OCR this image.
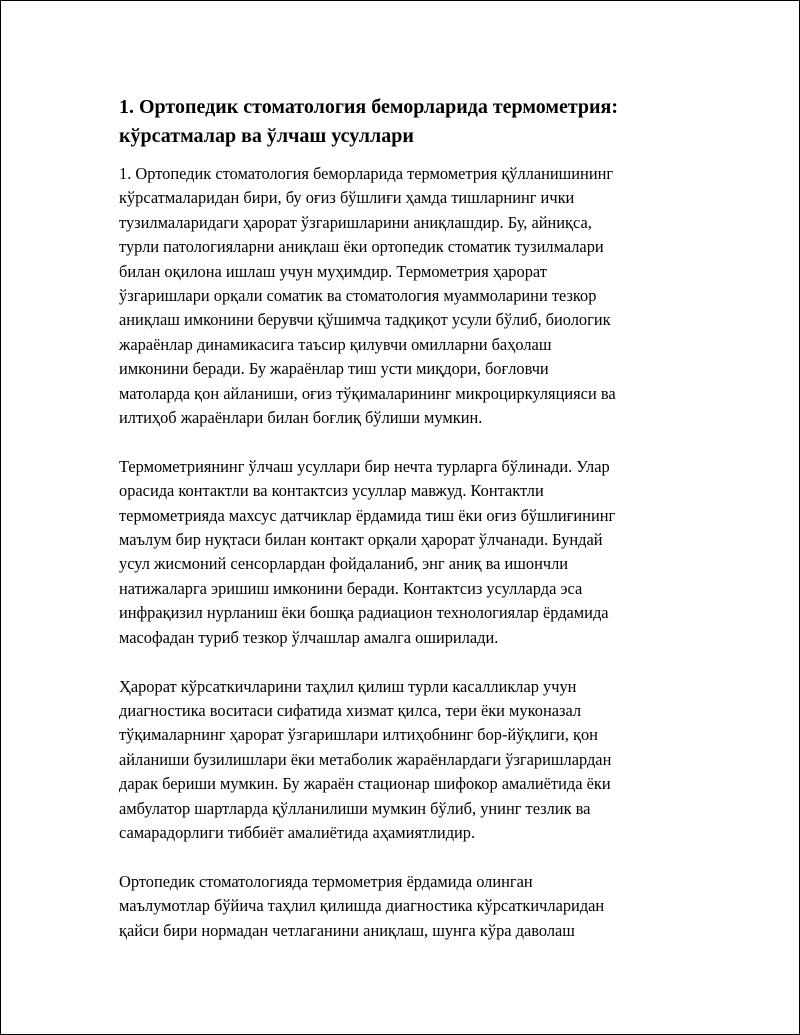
1. Ортопедик стоматология беморларида термометрия:
кўрсатмалар ва ўлчаш усуллари

1. Ортопедик стоматология беморларида термометрия қўлланишининг
кўрсатмаларидан бири, бу оғиз бўшлиғи ҳамда тишларнинг ички
тузилмаларидаги ҳарорат ўзгаришларини аниқлашдир. Бу, айниқса,
турли патологияларни аниқлаш ёки ортопедик стоматик тузилмалари
билан оқилона ишлаш учун муҳимдир. Термометрия ҳарорат
ўзгаришлари орқали соматик ва стоматология муаммоларини тезкор
аниқлаш имконини берувчи қўшимча тадқиқот усули бўлиб, биологик
жараёнлар динамикасига таъсир қилувчи омилларни баҳолаш
имконини беради. Бу жараёнлар тиш усти миқдори, боғловчи
матоларда қон айланиши, оғиз тўқималарининг микроциркуляцияси ва
илтиҳоб жараёнлари билан боғлиқ бўлиши мумкин.

Термометриянинг ўлчаш усуллари бир нечта турларга бўлинади. Улар
орасида контактли ва контактсиз усуллар мавжуд. Контактли
термометрияда махсус датчиклар ёрдамида тиш ёки оғиз бўшлиғининг
маълум бир нуқтаси билан контакт орқали ҳарорат ўлчанади. Бундай
усул жисмоний сенсорлардан фойдаланиб, энг аниқ ва ишончли
натижаларга эришиш имконини беради. Контактсиз усулларда эса
инфрақизил нурланиш ёки бошқа радиацион технологиялар ёрдамида
масофадан туриб тезкор ўлчашлар амалга оширилади.

Ҳарорат кўрсаткичларини таҳлил қилиш турли касалликлар учун
диагностика воситаси сифатида хизмат қилса, тери ёки муконазал
тўқималарнинг ҳарорат ўзгаришлари илтиҳобнинг бор-йўқлиги, қон
айланиши бузилишлари ёки метаболик жараёнлардаги ўзгаришлардан
дарак бериши мумкин. Бу жараён стационар шифокор амалиётида ёки
амбулатор шартларда қўлланилиши мумкин бўлиб, унинг тезлик ва
самарадорлиги тиббиёт амалиётида аҳамиятлидир.

Ортопедик стоматологияда термометрия ёрдамида олинган
маълумотлар бўйича таҳлил қилишда диагностика кўрсаткичларидан
қайси бири нормадан четлаганини аниқлаш, шунга кўра даволаш
